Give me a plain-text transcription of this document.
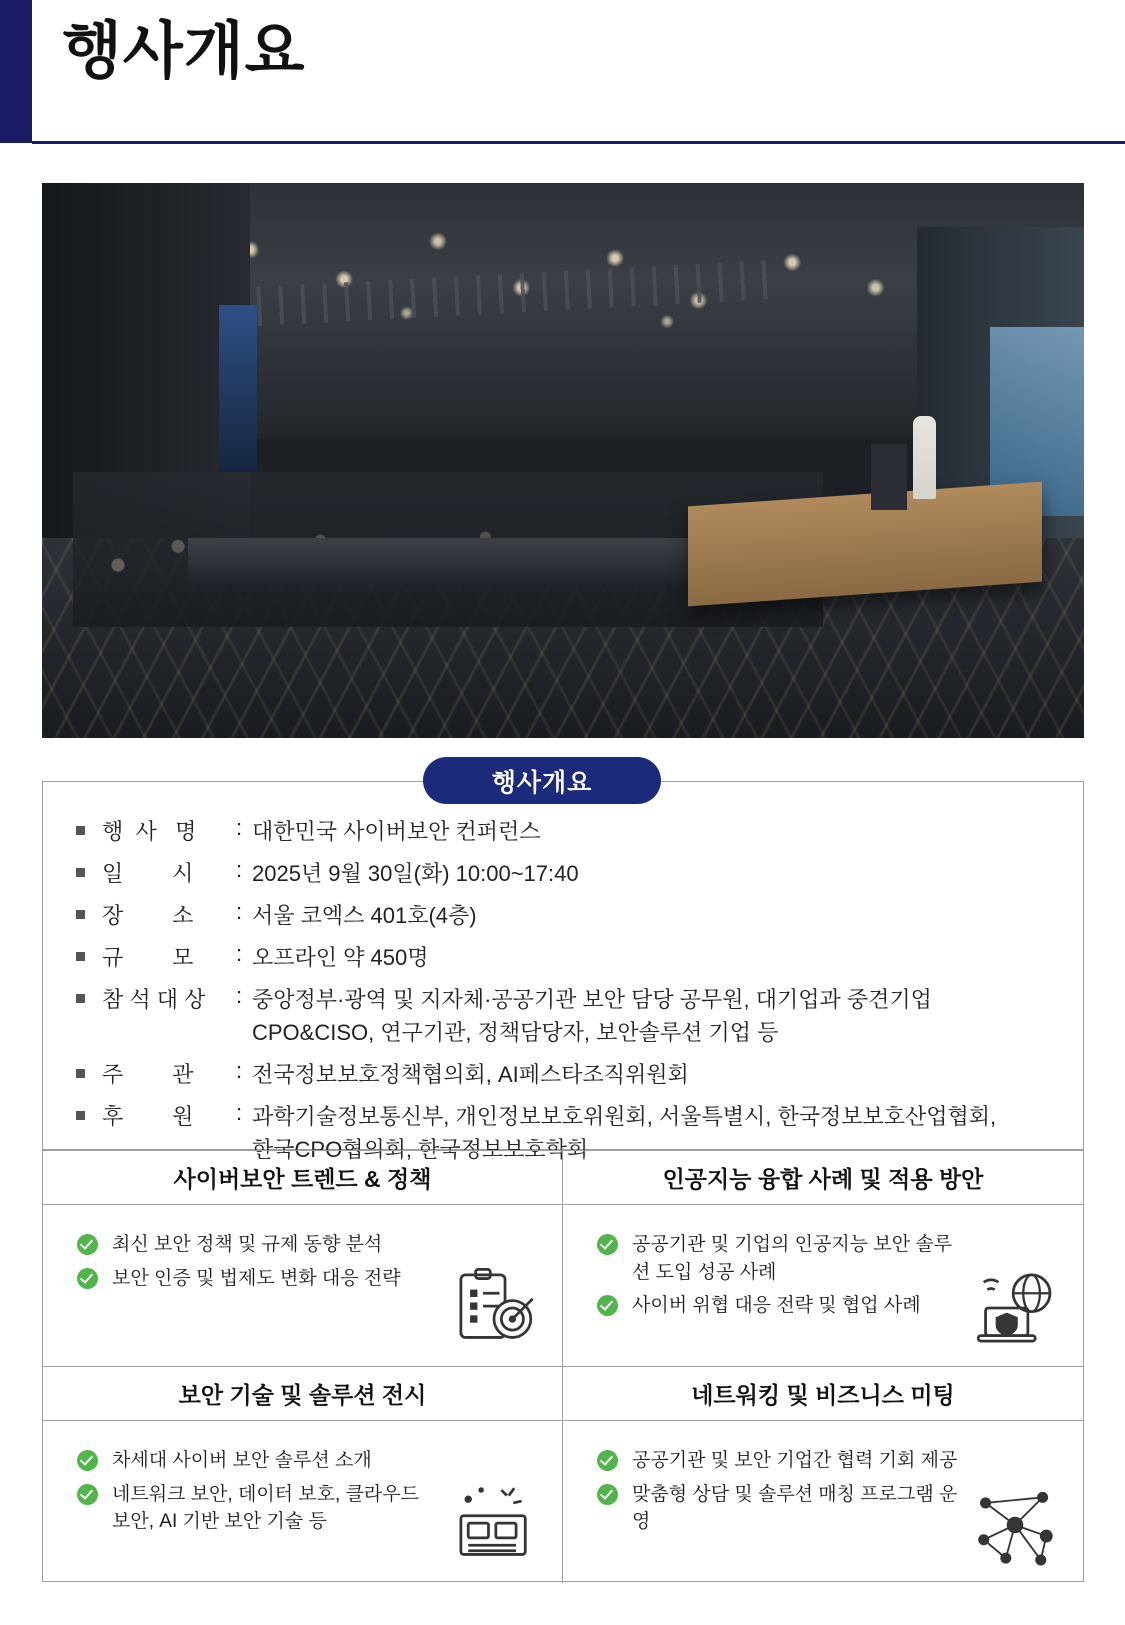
행사개요
행사개요
행  사   명	: 대한민국 사이버보안 컨퍼런스
일        시	: 2025년 9월 30일(화) 10:00~17:40
장        소	: 서울 코엑스 401호(4층)
규        모	: 오프라인 약 450명
참 석 대 상	: 중앙정부·광역 및 지자체·공공기관 보안 담당 공무원, 대기업과 중견기업
CPO&CISO, 연구기관, 정책담당자, 보안솔루션 기업 등
주        관	: 전국정보보호정책협의회, AI페스타조직위원회
후        원	: 과학기술정보통신부, 개인정보보호위원회, 서울특별시, 한국정보보호산업협회,
한국CPO협의회, 한국정보보호학회
사이버보안 트렌드 & 정책	인공지능 융합 사례 및 적용 방안
최신 보안 정책 및 규제 동향 분석
보안 인증 및 법제도 변화 대응 전략
공공기관 및 기업의 인공지능 보안 솔루션 도입 성공 사례
사이버 위협 대응 전략 및 협업 사례
보안 기술 및 솔루션 전시	네트워킹 및 비즈니스 미팅
차세대 사이버 보안 솔루션 소개
네트워크 보안, 데이터 보호, 클라우드 보안, AI 기반 보안 기술 등
공공기관 및 보안 기업간 협력 기회 제공
맞춤형 상담 및 솔루션 매칭 프로그램 운영
